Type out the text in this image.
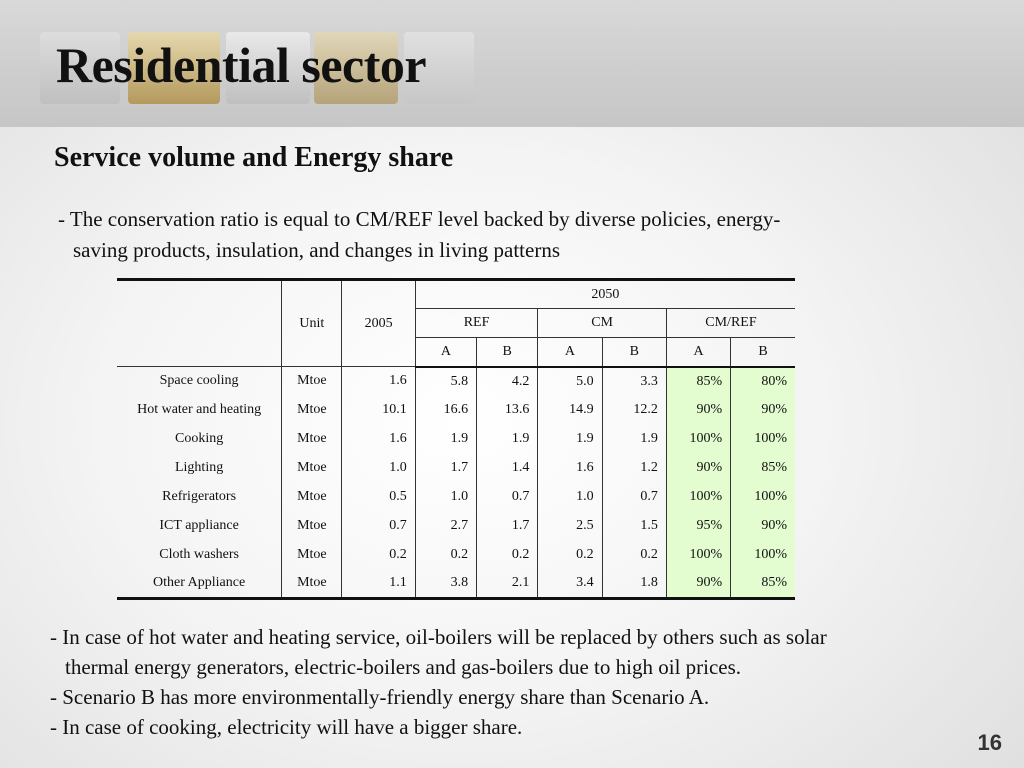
Residential sector
Service volume and Energy share
- The conservation ratio is equal to CM/REF level backed by diverse policies, energy-
saving products, insulation, and changes in living patterns
	Unit	2005	2050					
			REF		CM		CM/REF	
			A	B	A	B	A	B
Space cooling	Mtoe	1.6	5.8	4.2	5.0	3.3	85%	80%
Hot water and heating	Mtoe	10.1	16.6	13.6	14.9	12.2	90%	90%
Cooking	Mtoe	1.6	1.9	1.9	1.9	1.9	100%	100%
Lighting	Mtoe	1.0	1.7	1.4	1.6	1.2	90%	85%
Refrigerators	Mtoe	0.5	1.0	0.7	1.0	0.7	100%	100%
ICT appliance	Mtoe	0.7	2.7	1.7	2.5	1.5	95%	90%
Cloth washers	Mtoe	0.2	0.2	0.2	0.2	0.2	100%	100%
Other Appliance	Mtoe	1.1	3.8	2.1	3.4	1.8	90%	85%
- In case of hot water and heating service, oil-boilers will be replaced by others such as solar
thermal energy generators, electric-boilers and gas-boilers due to high oil prices.
- Scenario B has more environmentally-friendly energy share than Scenario A.
- In case of cooking, electricity will have a bigger share.
16
